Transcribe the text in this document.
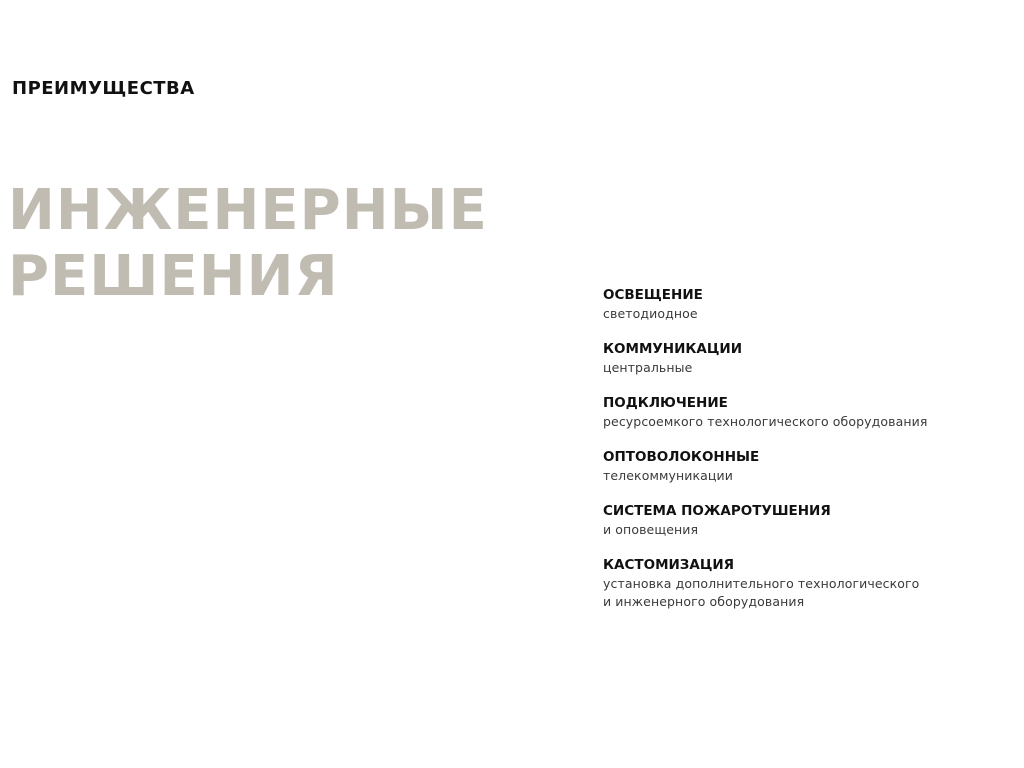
ПРЕИМУЩЕСТВА
ИНЖЕНЕРНЫЕ
РЕШЕНИЯ	ОСВЕЩЕНИЕ
светодиодное
КОММУНИКАЦИИ
центральные
ПОДКЛЮЧЕНИЕ
ресурсоемкого технологического оборудования
ОПТОВОЛОКОННЫЕ
телекоммуникации
СИСТЕМА ПОЖАРОТУШЕНИЯ
и оповещения
КАСТОМИЗАЦИЯ
установка дополнительного технологического
и инженерного оборудования
